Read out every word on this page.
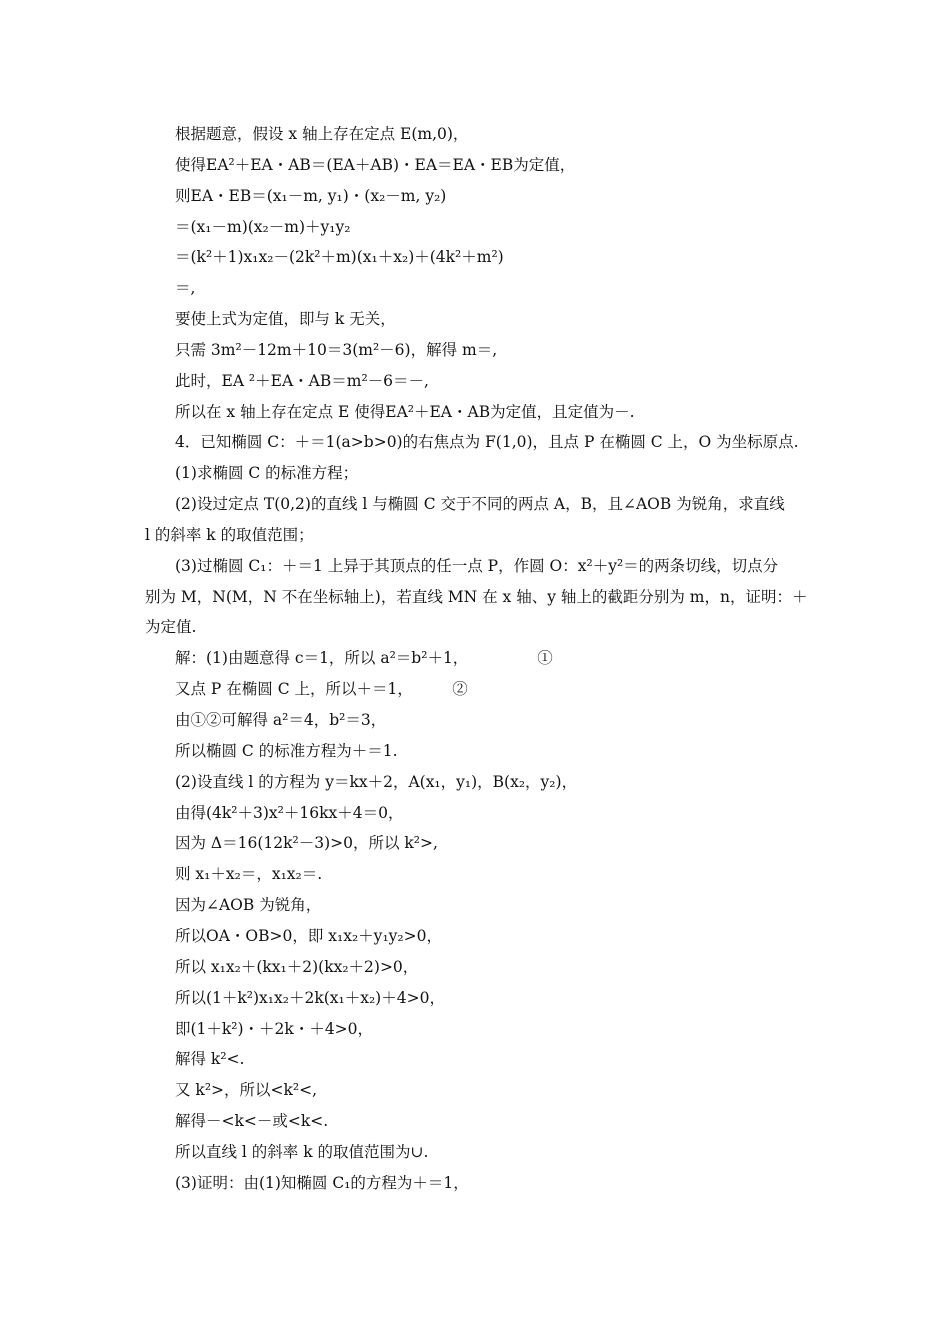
根据题意，假设 x 轴上存在定点 E(m,0)，
使得EA²＋EA・AB＝(EA＋AB)・EA＝EA・EB为定值，
则EA・EB＝(x₁－m, y₁)・(x₂－m, y₂)
＝(x₁－m)(x₂－m)＋y₁y₂
＝(k²＋1)x₁x₂－(2k²＋m)(x₁＋x₂)＋(4k²＋m²)
＝,
要使上式为定值，即与 k 无关，
只需 3m²－12m＋10＝3(m²－6)，解得 m＝,
此时，EA ²＋EA・AB＝m²－6＝－,
所以在 x 轴上存在定点 E 使得EA²＋EA・AB为定值，且定值为－.
4．已知椭圆 C：＋＝1(a>b>0)的右焦点为 F(1,0)，且点 P 在椭圆 C 上，O 为坐标原点.
(1)求椭圆 C 的标准方程；
(2)设过定点 T(0,2)的直线 l 与椭圆 C 交于不同的两点 A，B，且∠AOB 为锐角，求直线
l 的斜率 k 的取值范围；
(3)过椭圆 C₁：＋＝1 上异于其顶点的任一点 P，作圆 O：x²＋y²＝的两条切线，切点分
别为 M，N(M，N 不在坐标轴上)，若直线 MN 在 x 轴、y 轴上的截距分别为 m，n，证明：＋
为定值.
解：(1)由题意得 c＝1，所以 a²＝b²＋1，              ①
又点 P 在椭圆 C 上，所以＋＝1，        ②
由①②可解得 a²＝4，b²＝3，
所以椭圆 C 的标准方程为＋＝1.
(2)设直线 l 的方程为 y＝kx＋2，A(x₁，y₁)，B(x₂，y₂)，
由得(4k²＋3)x²＋16kx＋4＝0，
因为 Δ＝16(12k²－3)>0，所以 k²>,
则 x₁＋x₂＝，x₁x₂＝.
因为∠AOB 为锐角，
所以OA・OB>0，即 x₁x₂＋y₁y₂>0，
所以 x₁x₂＋(kx₁＋2)(kx₂＋2)>0，
所以(1＋k²)x₁x₂＋2k(x₁＋x₂)＋4>0，
即(1＋k²)・＋2k・＋4>0，
解得 k²<.
又 k²>，所以<k²<,
解得－<k<－或<k<.
所以直线 l 的斜率 k 的取值范围为∪.
(3)证明：由(1)知椭圆 C₁的方程为＋＝1，
